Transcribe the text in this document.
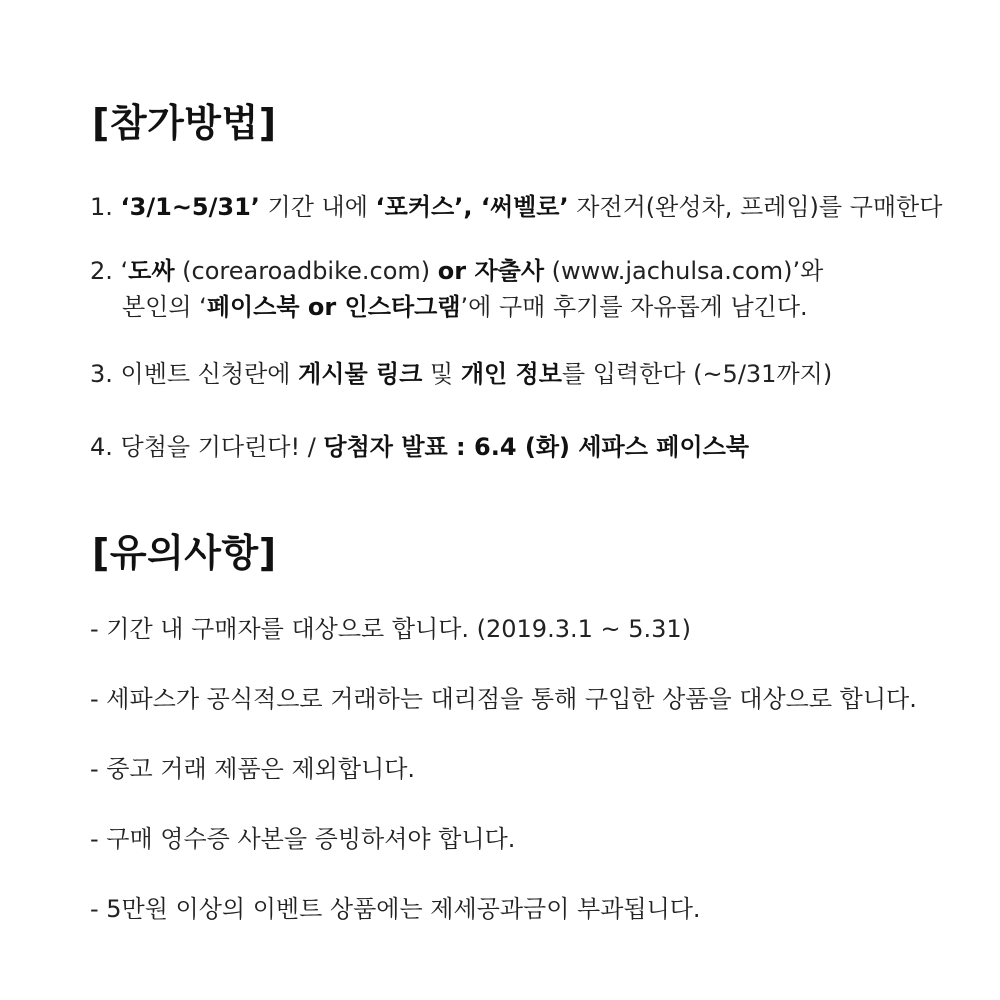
[참가방법]

1. ‘3/1~5/31’ 기간 내에 ‘포커스’, ‘써벨로’ 자전거(완성차, 프레임)를 구매한다

2. ‘도싸 (corearoadbike.com) or 자출사 (www.jachulsa.com)’와

본인의 ‘페이스북 or 인스타그램’에 구매 후기를 자유롭게 남긴다.

3. 이벤트 신청란에 게시물 링크 및 개인 정보를 입력한다 (~5/31까지)

4. 당첨을 기다린다! / 당첨자 발표 : 6.4 (화) 세파스 페이스북

[유의사항]

- 기간 내 구매자를 대상으로 합니다. (2019.3.1 ~ 5.31)

- 세파스가 공식적으로 거래하는 대리점을 통해 구입한 상품을 대상으로 합니다.

- 중고 거래 제품은 제외합니다.

- 구매 영수증 사본을 증빙하셔야 합니다.

- 5만원 이상의 이벤트 상품에는 제세공과금이 부과됩니다.
